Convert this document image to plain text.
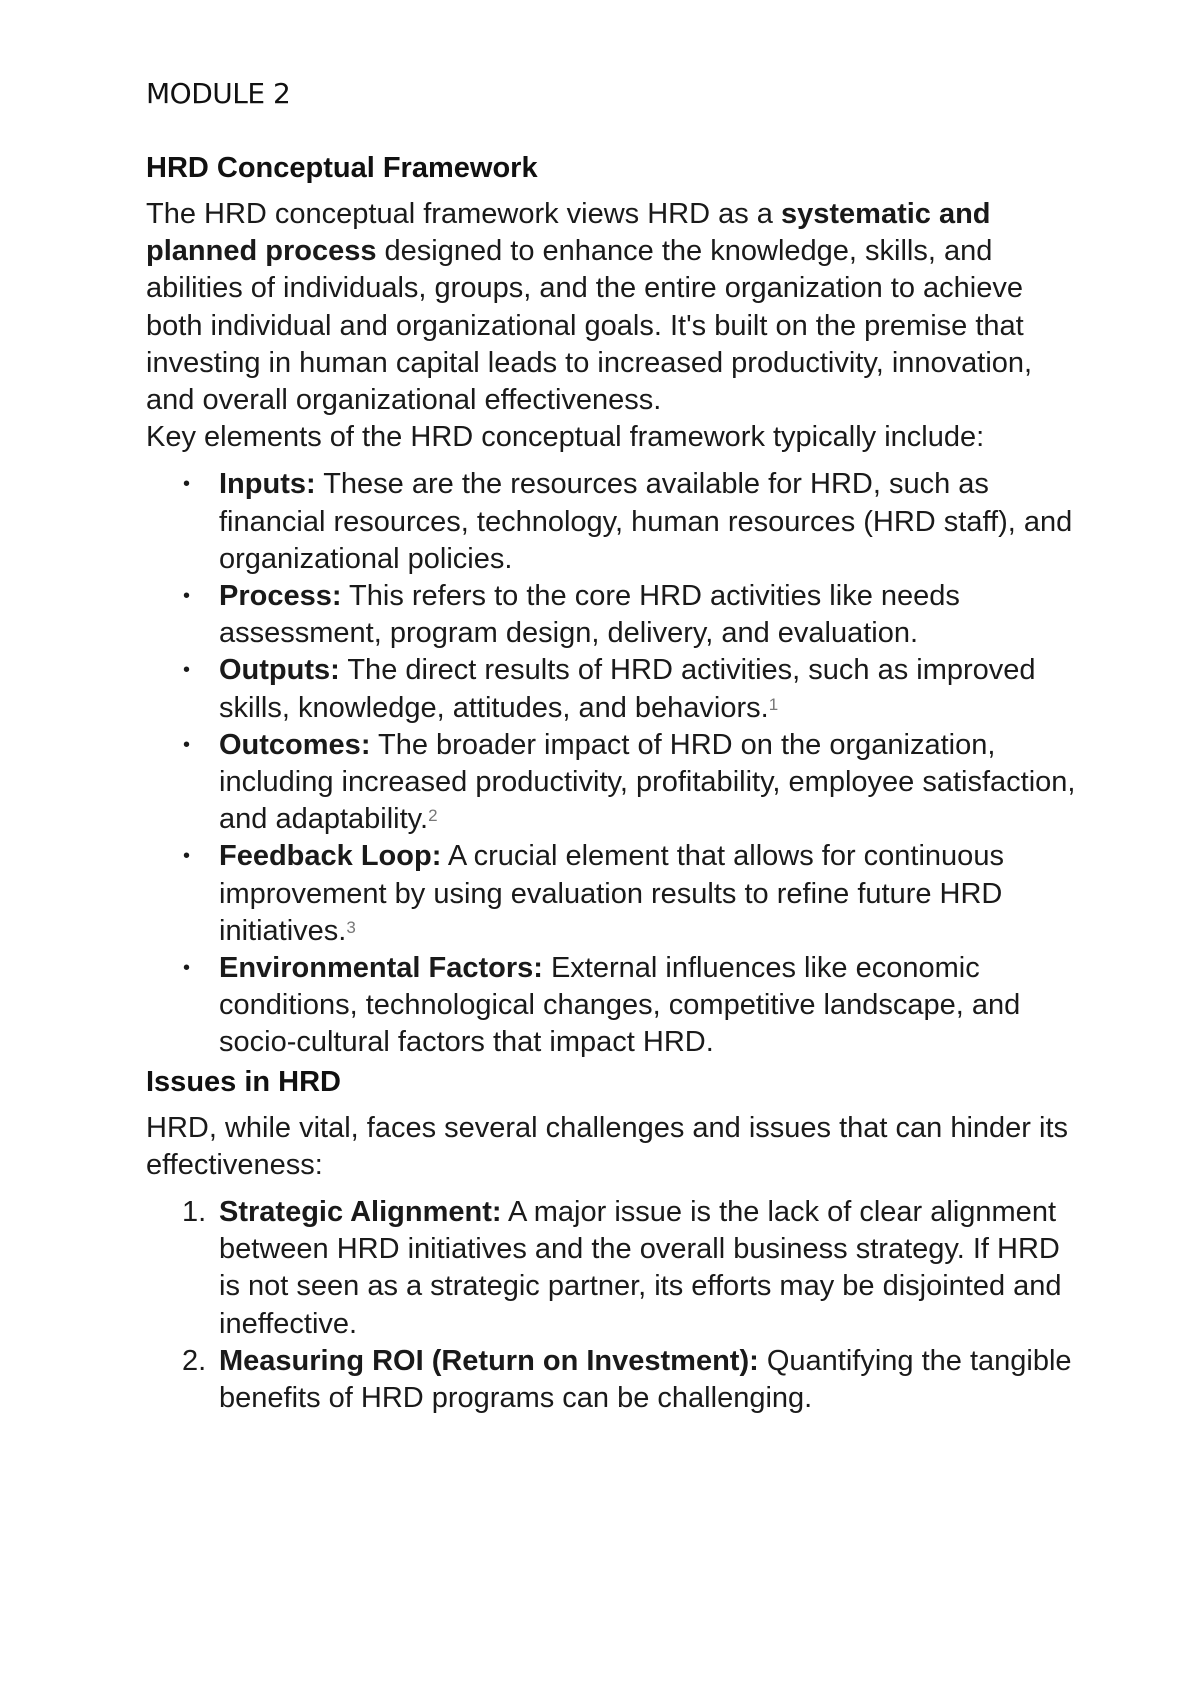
MODULE 2
HRD Conceptual Framework

The HRD conceptual framework views HRD as a systematic and planned process designed to enhance the knowledge, skills, and abilities of individuals, groups, and the entire organization to achieve both individual and organizational goals. It's built on the premise that investing in human capital leads to increased productivity, innovation, and overall organizational effectiveness.

Key elements of the HRD conceptual framework typically include:

• Inputs: These are the resources available for HRD, such as financial resources, technology, human resources (HRD staff), and organizational policies.
• Process: This refers to the core HRD activities like needs assessment, program design, delivery, and evaluation.
• Outputs: The direct results of HRD activities, such as improved skills, knowledge, attitudes, and behaviors.$^1$
• Outcomes: The broader impact of HRD on the organization, including increased productivity, profitability, employee satisfaction, and adaptability.$^2$
• Feedback Loop: A crucial element that allows for continuous improvement by using evaluation results to refine future HRD initiatives.$^3$
• Environmental Factors: External influences like economic conditions, technological changes, competitive landscape, and socio-cultural factors that impact HRD.
Issues in HRD

HRD, while vital, faces several challenges and issues that can hinder its effectiveness:

1. Strategic Alignment: A major issue is the lack of clear alignment between HRD initiatives and the overall business strategy. If HRD is not seen as a strategic partner, its efforts may be disjointed and ineffective.
2. Measuring ROI (Return on Investment): Quantifying the tangible benefits of HRD programs can be challenging.
